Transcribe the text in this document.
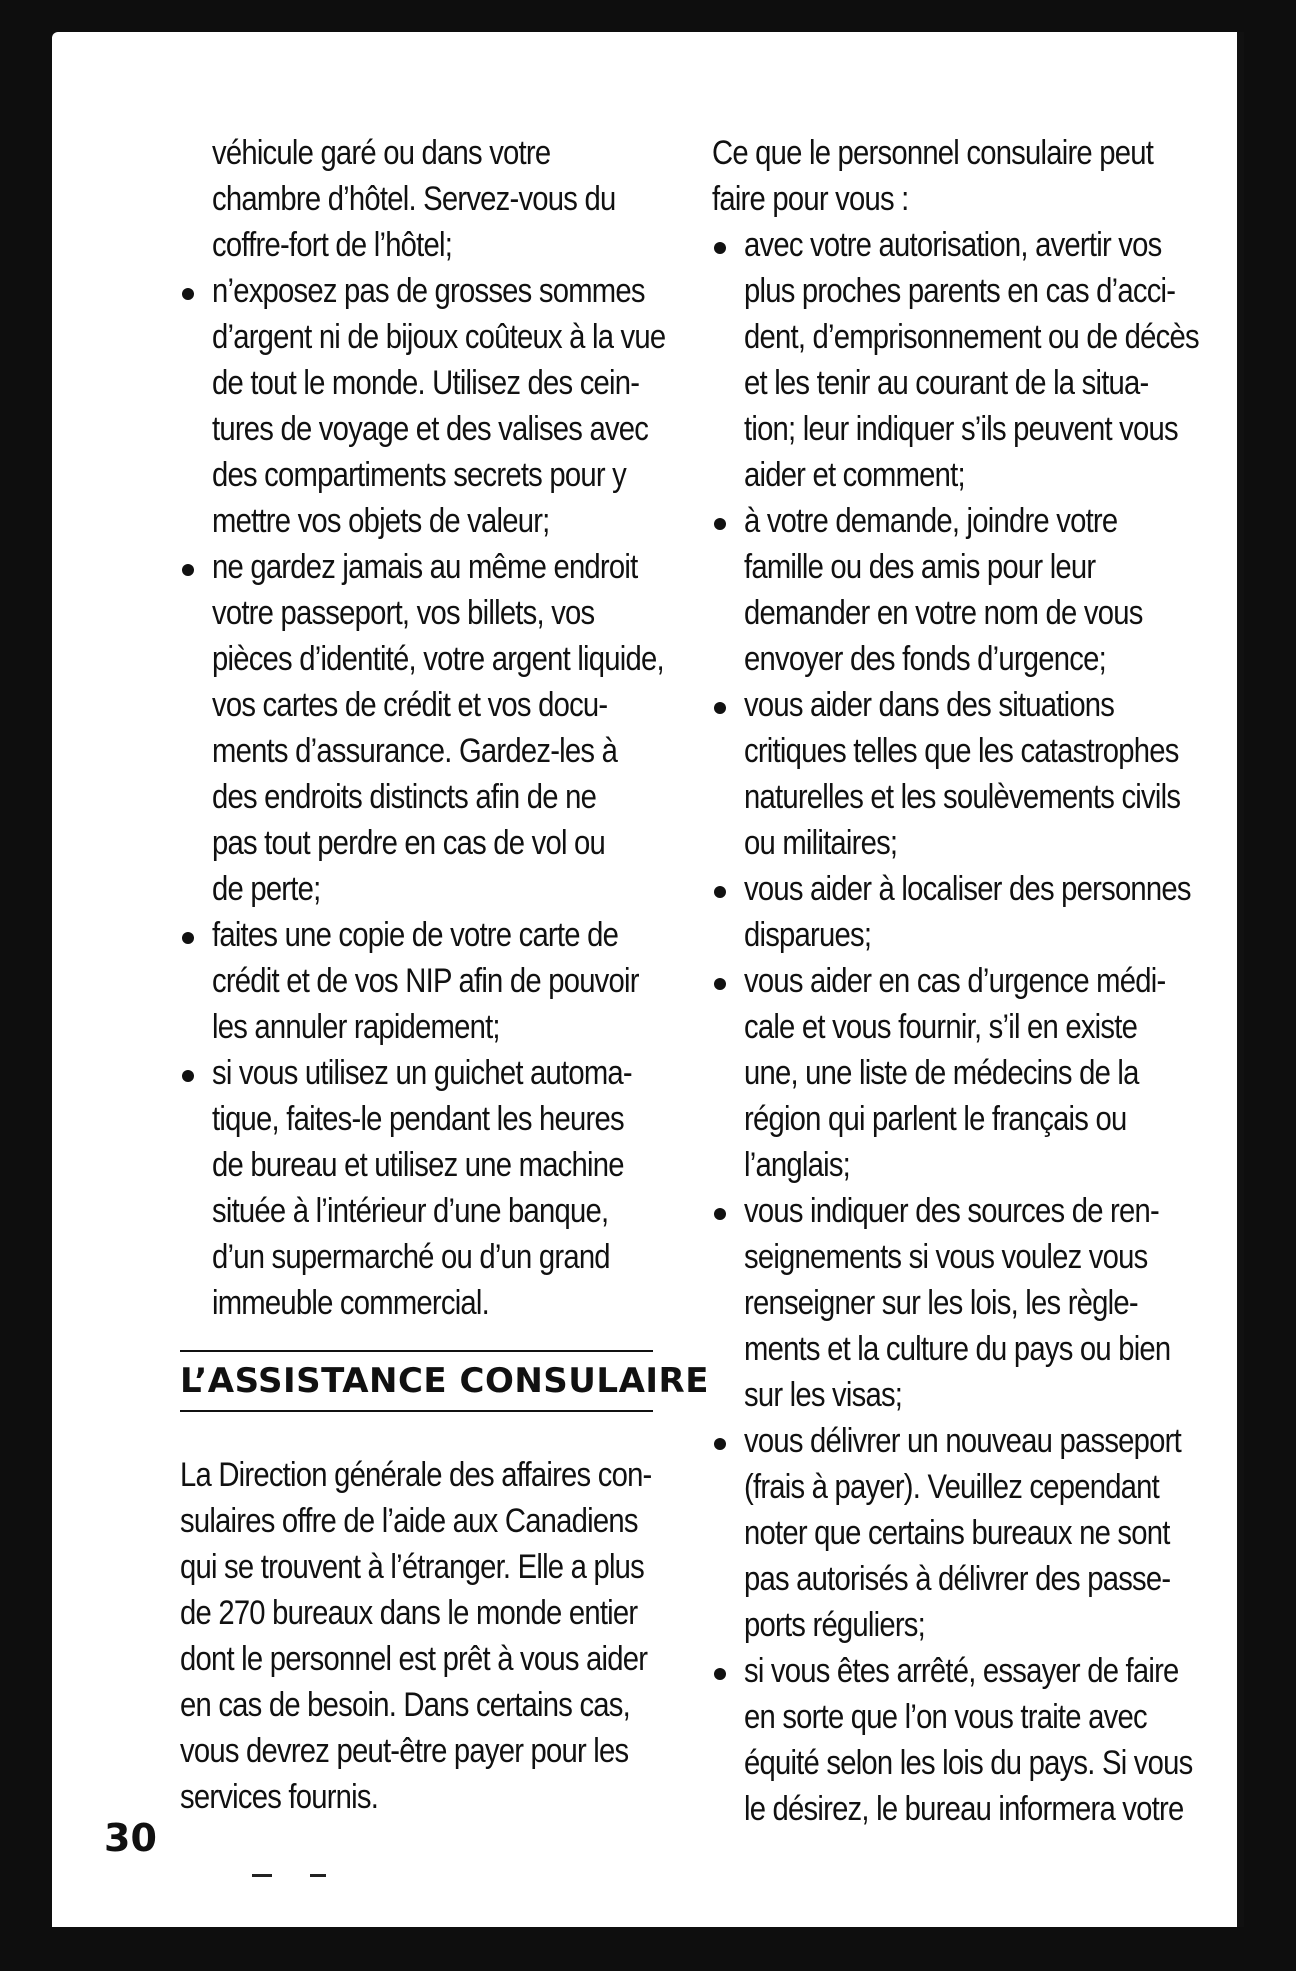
véhicule garé ou dans votre
chambre d’hôtel. Servez-vous du
coffre-fort de l’hôtel;
n’exposez pas de grosses sommes
d’argent ni de bijoux coûteux à la vue
de tout le monde. Utilisez des cein-
tures de voyage et des valises avec
des compartiments secrets pour y
mettre vos objets de valeur;
ne gardez jamais au même endroit
votre passeport, vos billets, vos
pièces d’identité, votre argent liquide,
vos cartes de crédit et vos docu-
ments d’assurance. Gardez-les à
des endroits distincts afin de ne
pas tout perdre en cas de vol ou
de perte;
faites une copie de votre carte de
crédit et de vos NIP afin de pouvoir
les annuler rapidement;
si vous utilisez un guichet automa-
tique, faites-le pendant les heures
de bureau et utilisez une machine
située à l’intérieur d’une banque,
d’un supermarché ou d’un grand
immeuble commercial.
L’ASSISTANCE CONSULAIRE
La Direction générale des affaires con-
sulaires offre de l’aide aux Canadiens
qui se trouvent à l’étranger. Elle a plus
de 270 bureaux dans le monde entier
dont le personnel est prêt à vous aider
en cas de besoin. Dans certains cas,
vous devrez peut-être payer pour les
services fournis.
Ce que le personnel consulaire peut
faire pour vous :
avec votre autorisation, avertir vos
plus proches parents en cas d’acci-
dent, d’emprisonnement ou de décès
et les tenir au courant de la situa-
tion; leur indiquer s’ils peuvent vous
aider et comment;
à votre demande, joindre votre
famille ou des amis pour leur
demander en votre nom de vous
envoyer des fonds d’urgence;
vous aider dans des situations
critiques telles que les catastrophes
naturelles et les soulèvements civils
ou militaires;
vous aider à localiser des personnes
disparues;
vous aider en cas d’urgence médi-
cale et vous fournir, s’il en existe
une, une liste de médecins de la
région qui parlent le français ou
l’anglais;
vous indiquer des sources de ren-
seignements si vous voulez vous
renseigner sur les lois, les règle-
ments et la culture du pays ou bien
sur les visas;
vous délivrer un nouveau passeport
(frais à payer). Veuillez cependant
noter que certains bureaux ne sont
pas autorisés à délivrer des passe-
ports réguliers;
si vous êtes arrêté, essayer de faire
en sorte que l’on vous traite avec
équité selon les lois du pays. Si vous
le désirez, le bureau informera votre
30
